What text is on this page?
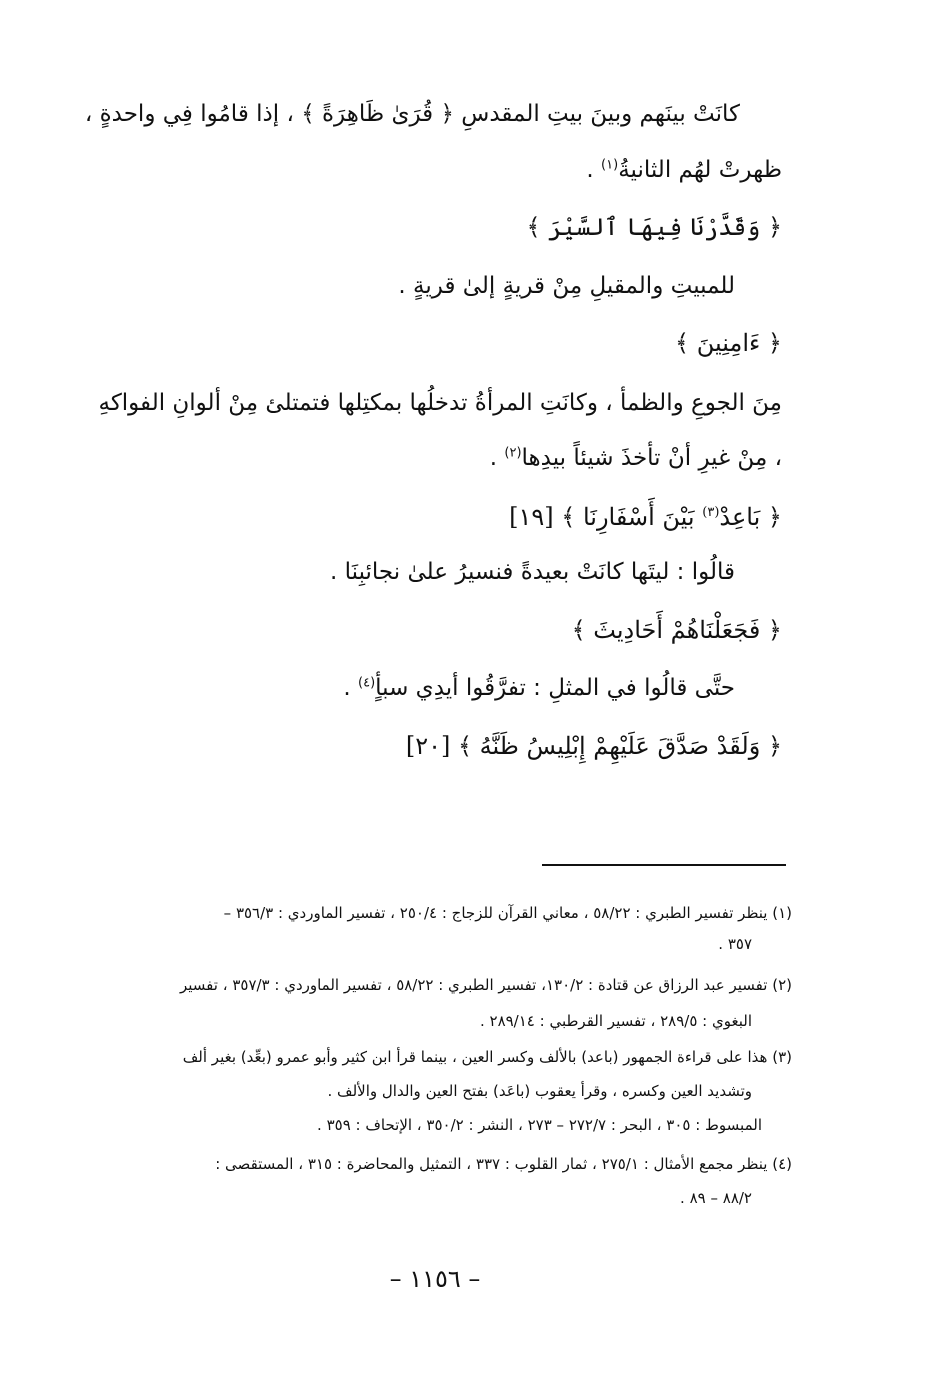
كانَتْ بينَهم وبينَ بيتِ المقدسِ ﴿ قُرَىٰ ظَاهِرَةً ﴾ ، إذا قامُوا فِي واحدةٍ ،
ظهرتْ لهُم الثانيةُ$^{(١)}$ .
﴿ وَقَدَّرْنَا فِيهَا ٱلسَّيْرَ ﴾
للمبيتِ والمقيلِ مِنْ قريةٍ إلىٰ قريةٍ .
﴿ ءَامِنِينَ ﴾
مِنَ الجوعِ والظمأ ، وكانَتِ المرأةُ تدخلُها بمكتِلها فتمتلئ مِنْ ألوانِ الفواكهِ
، مِنْ غيرِ أنْ تأخذَ شيئاً بيدِها$^{(٢)}$ .
﴿ بَاعِدْ$^{(٣)}$ بَيْنَ أَسْفَارِنَا ﴾ [١٩]
قالُوا : ليتَها كانَتْ بعيدةً فنسيرُ علىٰ نجائبِنَا .
﴿ فَجَعَلْنَاهُمْ أَحَادِيثَ ﴾
حتَّى قالُوا في المثلِ : تفرَّقُوا أيدِي سبأٍ$^{(٤)}$ .
﴿ وَلَقَدْ صَدَّقَ عَلَيْهِمْ إِبْلِيسُ ظَنَّهُ ﴾ [٢٠]
(١) ينظر تفسير الطبري : ٥٨/٢٢ ، معاني القرآن للزجاج : ٢٥٠/٤ ، تفسير الماوردي : ٣٥٦/٣ –
٣٥٧ .
(٢) تفسير عبد الرزاق عن قتادة : ١٣٠/٢، تفسير الطبري : ٥٨/٢٢ ، تفسير الماوردي : ٣٥٧/٣ ، تفسير
البغوي : ٢٨٩/٥ ، تفسير القرطبي : ٢٨٩/١٤ .
(٣) هذا على قراءة الجمهور (باعد) بالألف وكسر العين ، بينما قرأ ابن كثير وأبو عمرو (بعِّد) بغير ألف
وتشديد العين وكسره ، وقرأ يعقوب (باعَد) بفتح العين والدال والألف .
المبسوط : ٣٠٥ ، البحر : ٢٧٢/٧ – ٢٧٣ ، النشر : ٣٥٠/٢ ، الإتحاف : ٣٥٩ .
(٤) ينظر مجمع الأمثال : ٢٧٥/١ ، ثمار القلوب : ٣٣٧ ، التمثيل والمحاضرة : ٣١٥ ، المستقصى :
٨٨/٢ – ٨٩ .
– ١١٥٦ –
